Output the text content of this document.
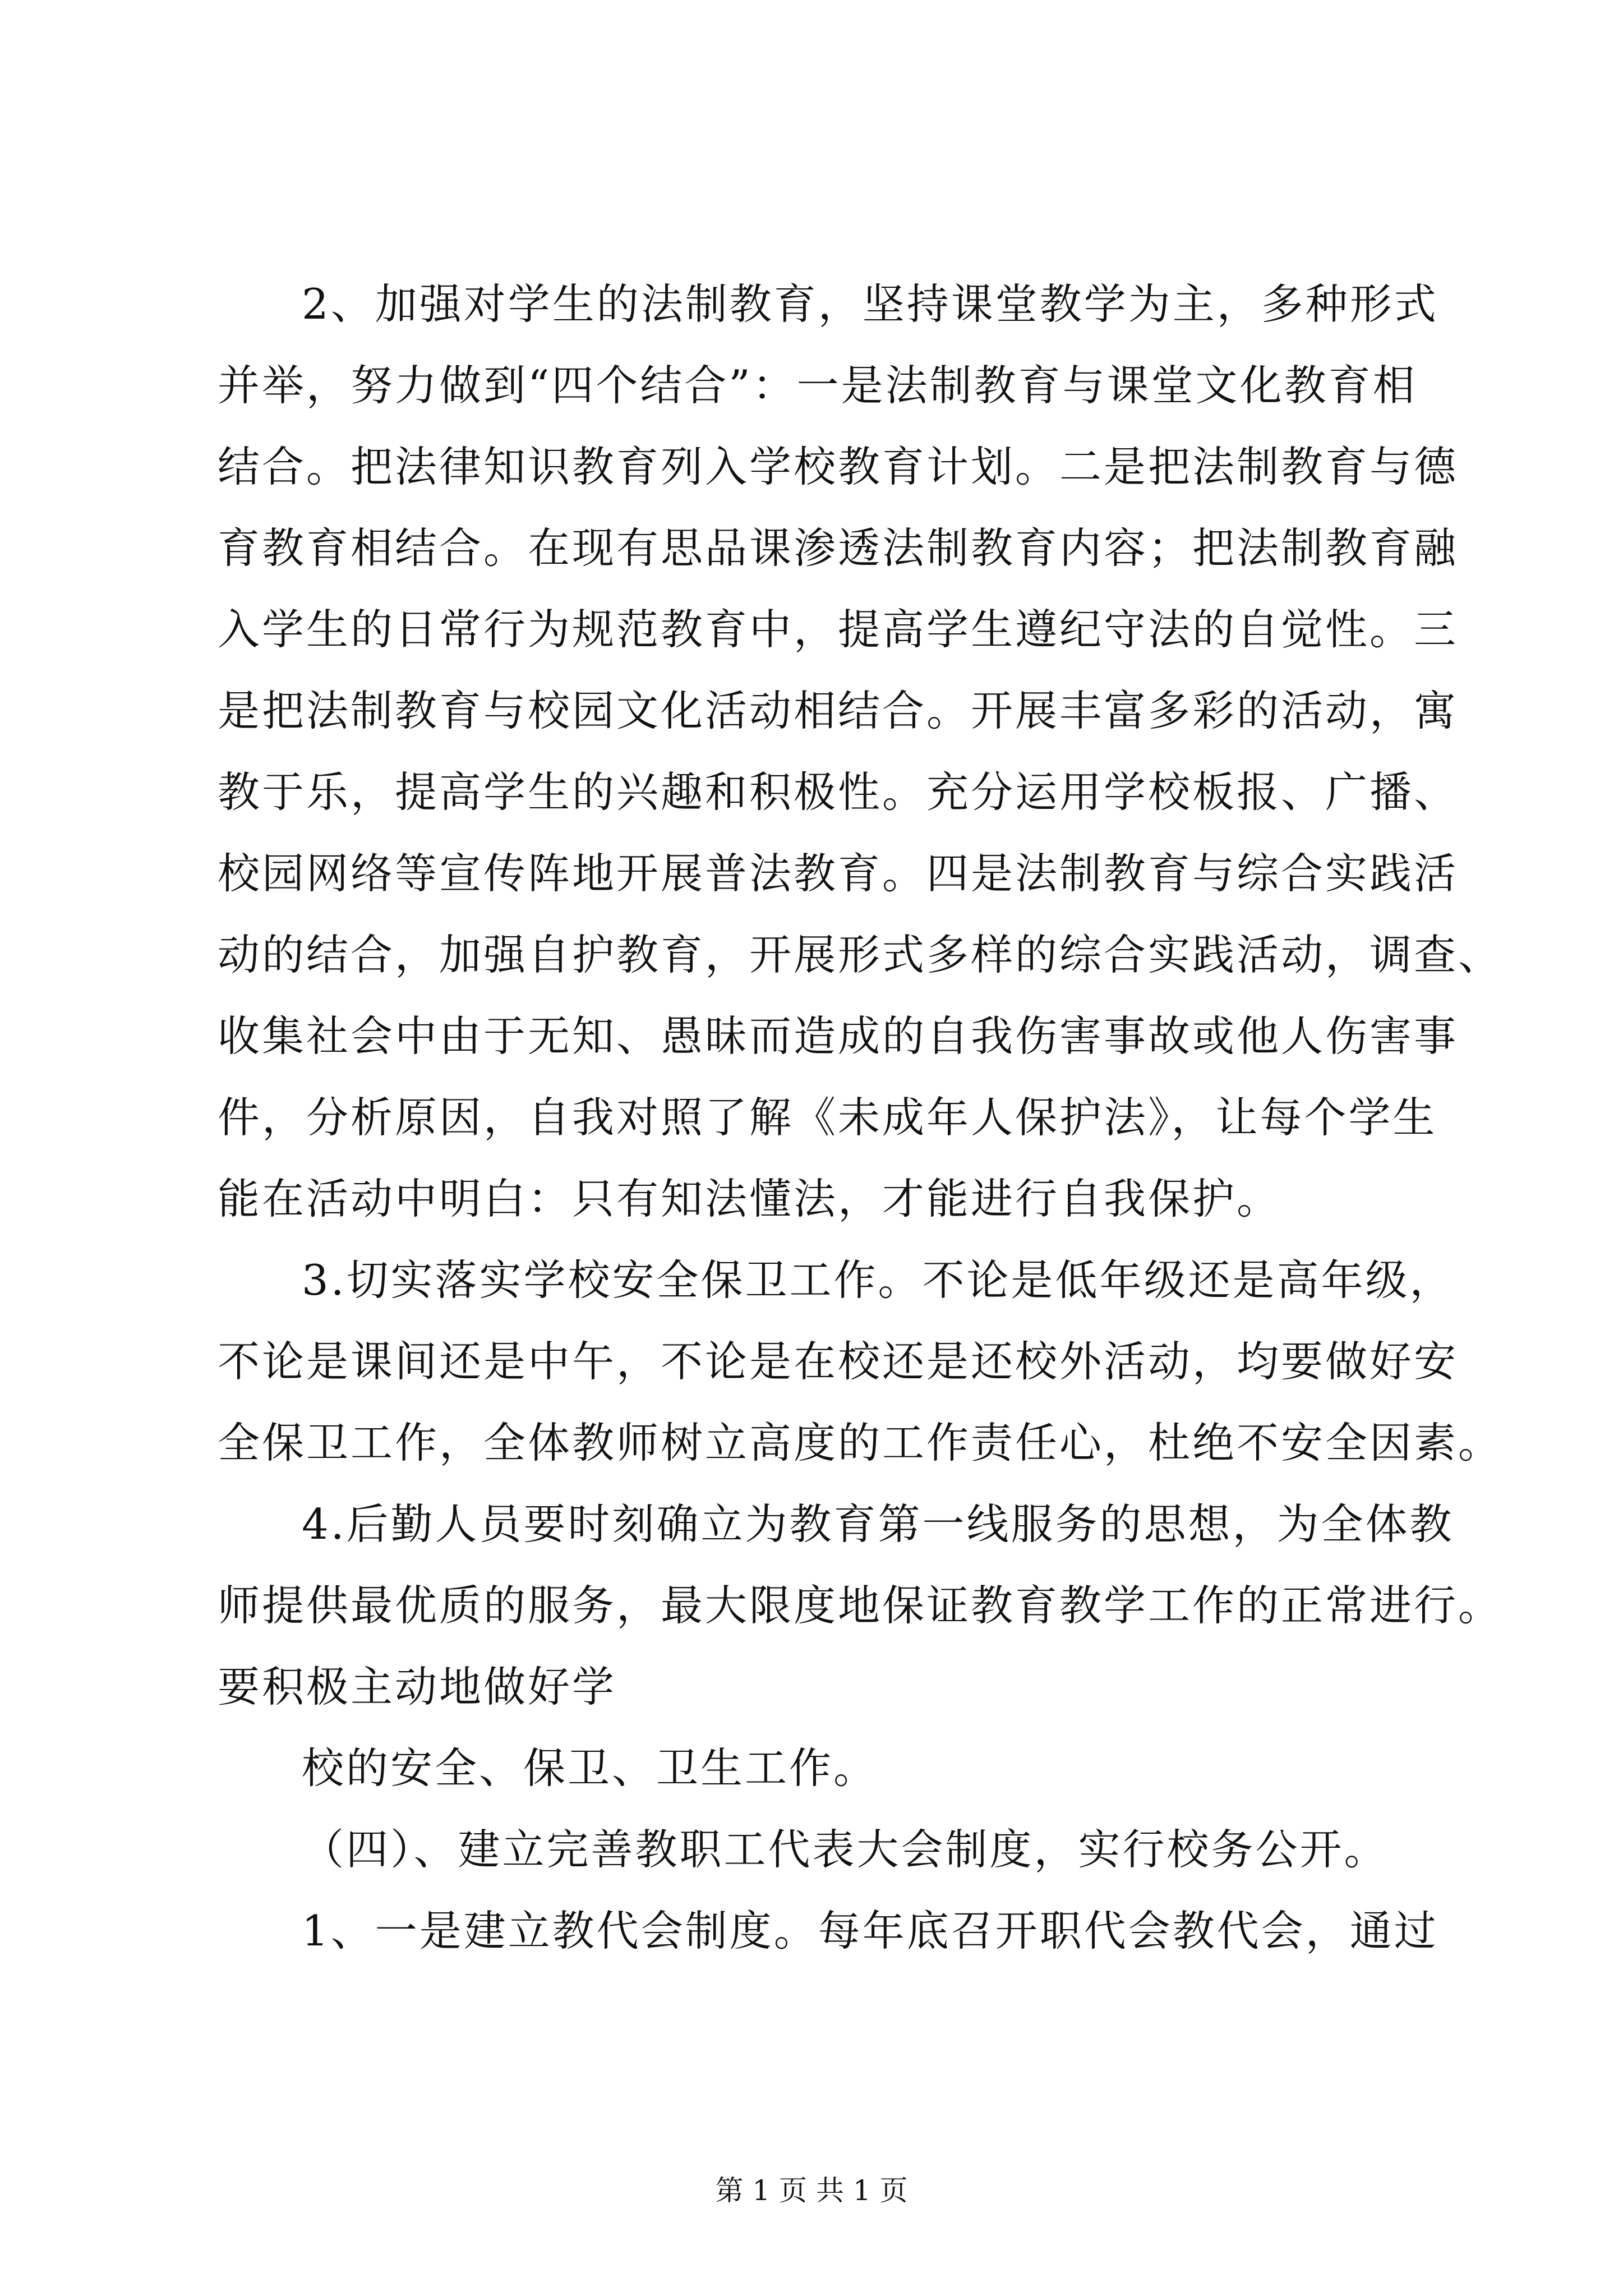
2、加强对学生的法制教育，坚持课堂教学为主，多种形式
并举，努力做到“四个结合”：一是法制教育与课堂文化教育相
结合。把法律知识教育列入学校教育计划。二是把法制教育与德
育教育相结合。在现有思品课渗透法制教育内容；把法制教育融
入学生的日常行为规范教育中，提高学生遵纪守法的自觉性。三
是把法制教育与校园文化活动相结合。开展丰富多彩的活动，寓
教于乐，提高学生的兴趣和积极性。充分运用学校板报、广播、
校园网络等宣传阵地开展普法教育。四是法制教育与综合实践活
动的结合，加强自护教育，开展形式多样的综合实践活动，调查、
收集社会中由于无知、愚昧而造成的自我伤害事故或他人伤害事
件，分析原因，自我对照了解《未成年人保护法》，让每个学生
能在活动中明白：只有知法懂法，才能进行自我保护。
3.切实落实学校安全保卫工作。不论是低年级还是高年级，
不论是课间还是中午，不论是在校还是还校外活动，均要做好安
全保卫工作，全体教师树立高度的工作责任心，杜绝不安全因素。
4.后勤人员要时刻确立为教育第一线服务的思想，为全体教
师提供最优质的服务，最大限度地保证教育教学工作的正常进行。
要积极主动地做好学
校的安全、保卫、卫生工作。
（四）、建立完善教职工代表大会制度，实行校务公开。
1、一是建立教代会制度。每年底召开职代会教代会，通过
第 1 页 共 1 页
